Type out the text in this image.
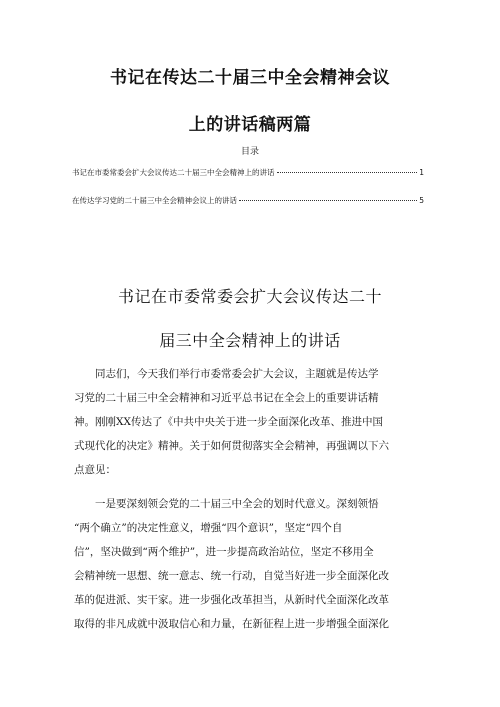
书记在传达二十届三中全会精神会议
上的讲话稿两篇
目录
书记在市委常委会扩大会议传达二十届三中全会精神上的讲话	1
在传达学习党的二十届三中全会精神会议上的讲话	5
书记在市委常委会扩大会议传达二十
届三中全会精神上的讲话
　　同志们，今天我们举行市委常委会扩大会议，主题就是传达学
习党的二十届三中全会精神和习近平总书记在全会上的重要讲话精
神。刚刚XX传达了《中共中央关于进一步全面深化改革、推进中国
式现代化的决定》精神。关于如何贯彻落实全会精神，再强调以下六
点意见：
　　一是要深刻领会党的二十届三中全会的划时代意义。深刻领悟
“两个确立”的决定性意义，增强“四个意识”，坚定“四个自
信”，坚决做到“两个维护”，进一步提高政治站位，坚定不移用全
会精神统一思想、统一意志、统一行动，自觉当好进一步全面深化改
革的促进派、实干家。进一步强化改革担当，从新时代全面深化改革
取得的非凡成就中汲取信心和力量，在新征程上进一步增强全面深化
